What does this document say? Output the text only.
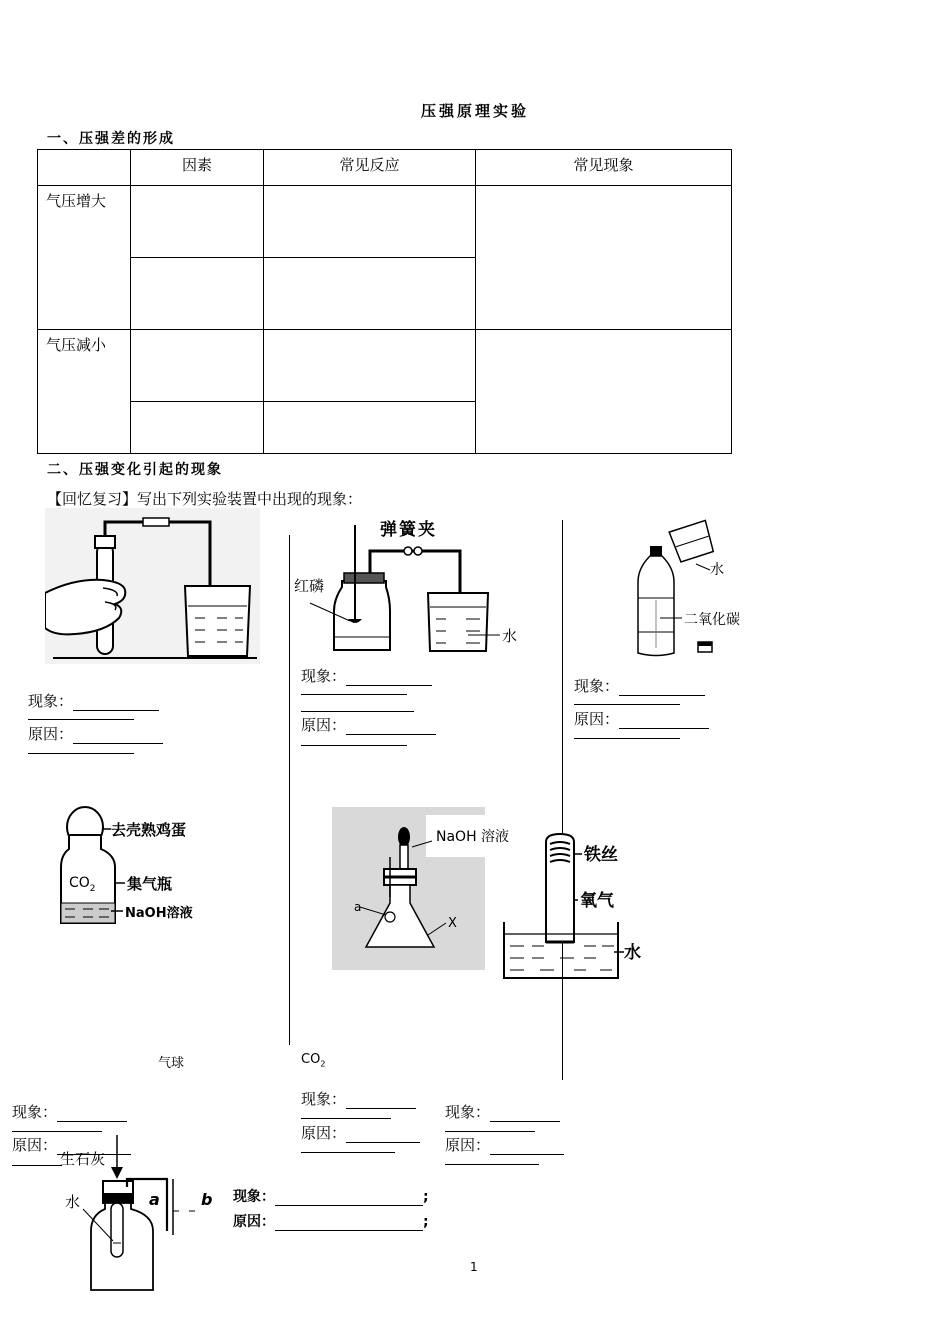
压强原理实验
一、压强差的形成
	因素	常见反应	常见现象
气压增大			

气压减小			

二、压强变化引起的现象
【回忆复习】写出下列实验装置中出现的现象：
现象：
原因：
弹簧夹
红磷
水
现象：
原因：
水
二氧化碳
现象：
原因：
$CO_2$
去壳熟鸡蛋
集气瓶
NaOH溶液
NaOH 溶液
a
X
铁丝
氧气
水
气球	$CO_2$
现象：
原因：
现象：
原因：
现象：
原因：
生石灰
水	a	b 现象：	;
原因：	;
1
